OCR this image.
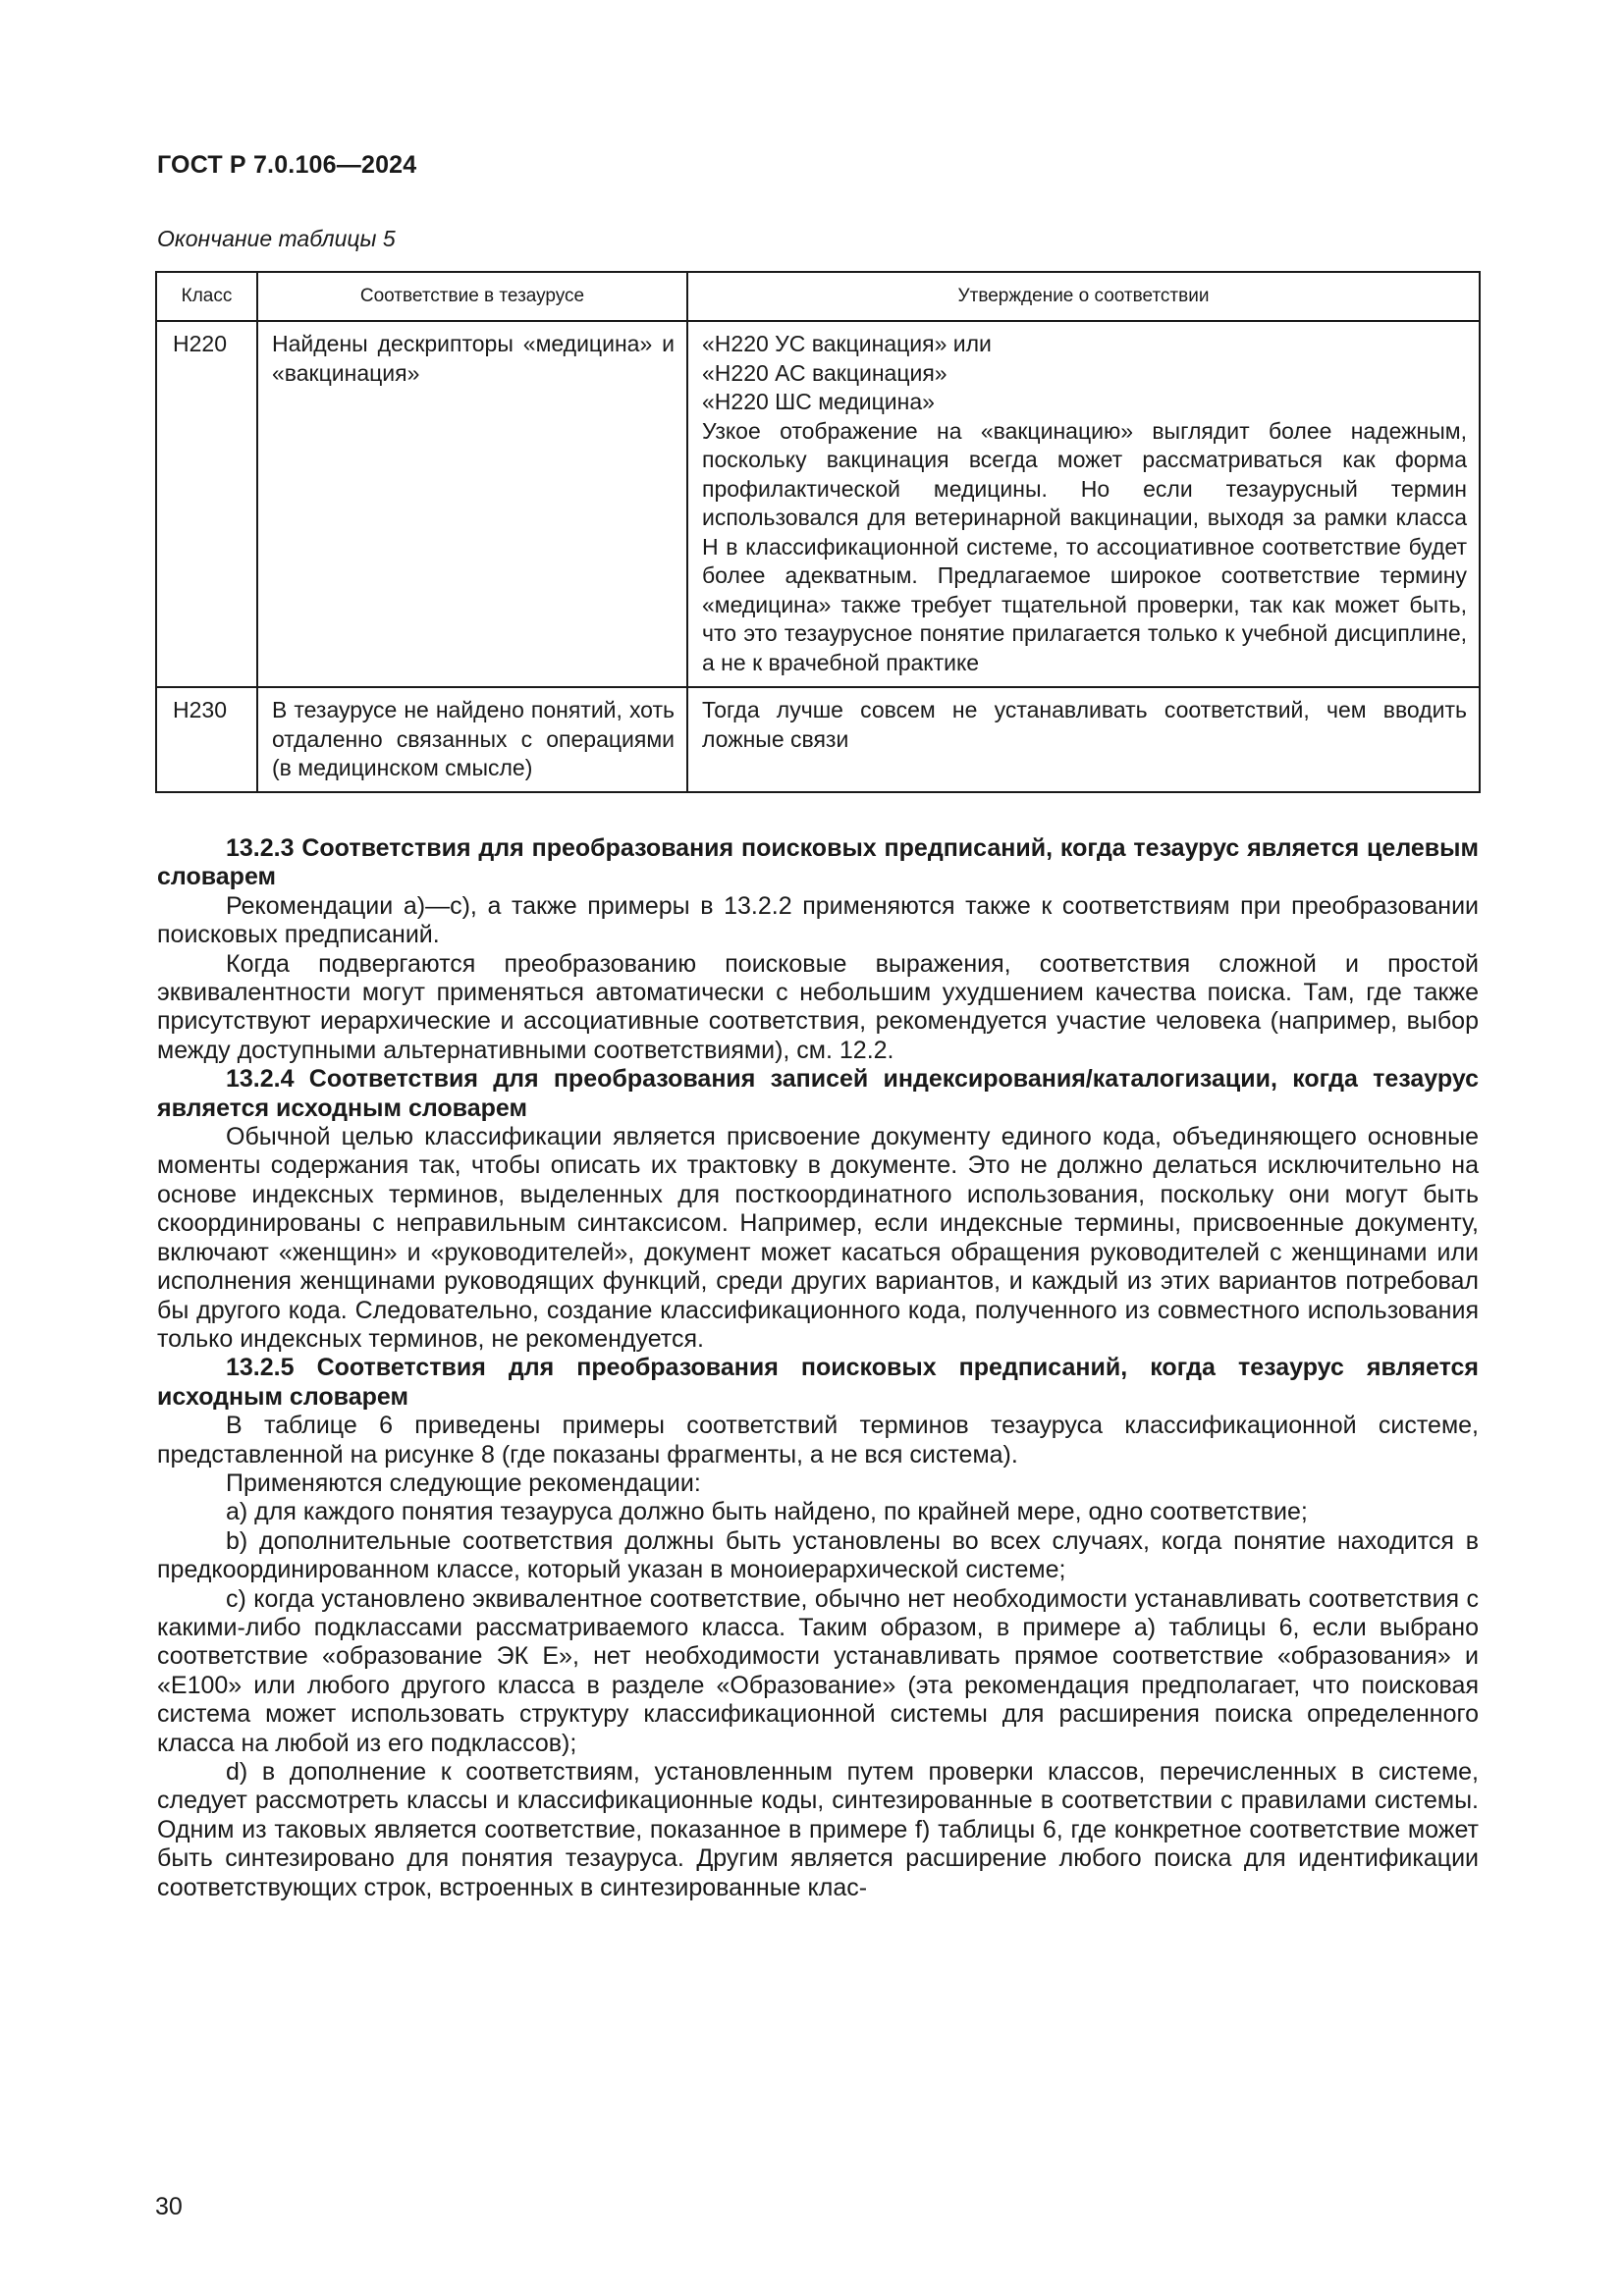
ГОСТ Р 7.0.106—2024
Окончание таблицы 5
Класс	Соответствие в тезаурусе	Утверждение о соответствии
H220	Найдены дескрипторы «медицина» и «вакцинация»	«H220 УС вакцинация» или
«H220 АС вакцинация»
«H220 ШС медицина»
Узкое отображение на «вакцинацию» выглядит более надежным, поскольку вакцинация всегда может рассматриваться как форма профилактической медицины. Но если тезаурусный термин использовался для ветеринарной вакцинации, выходя за рамки класса H в классификационной системе, то ассоциативное соответствие будет более адекватным. Предлагаемое широкое соответствие термину «медицина» также требует тщательной проверки, так как может быть, что это тезаурусное понятие прилагается только к учебной дисциплине, а не к врачебной практике

H230	В тезаурусе не найдено понятий, хоть отдаленно связанных с операциями (в медицинском смысле)	Тогда лучше совсем не устанавливать соответствий, чем вводить ложные связи

13.2.3 Соответствия для преобразования поисковых предписаний, когда тезаурус является целевым словарем

Рекомендации a)—c), а также примеры в 13.2.2 применяются также к соответствиям при преобразовании поисковых предписаний.

Когда подвергаются преобразованию поисковые выражения, соответствия сложной и простой эквивалентности могут применяться автоматически с небольшим ухудшением качества поиска. Там, где также присутствуют иерархические и ассоциативные соответствия, рекомендуется участие человека (например, выбор между доступными альтернативными соответствиями), см. 12.2.

13.2.4 Соответствия для преобразования записей индексирования/каталогизации, когда тезаурус является исходным словарем

Обычной целью классификации является присвоение документу единого кода, объединяющего основные моменты содержания так, чтобы описать их трактовку в документе. Это не должно делаться исключительно на основе индексных терминов, выделенных для посткоординатного использования, поскольку они могут быть скоординированы с неправильным синтаксисом. Например, если индексные термины, присвоенные документу, включают «женщин» и «руководителей», документ может касаться обращения руководителей с женщинами или исполнения женщинами руководящих функций, среди других вариантов, и каждый из этих вариантов потребовал бы другого кода. Следовательно, создание классификационного кода, полученного из совместного использования только индексных терминов, не рекомендуется.

13.2.5 Соответствия для преобразования поисковых предписаний, когда тезаурус является исходным словарем

В таблице 6 приведены примеры соответствий терминов тезауруса классификационной системе, представленной на рисунке 8 (где показаны фрагменты, а не вся система).

Применяются следующие рекомендации:

a) для каждого понятия тезауруса должно быть найдено, по крайней мере, одно соответствие;

b) дополнительные соответствия должны быть установлены во всех случаях, когда понятие находится в предкоординированном классе, который указан в моноиерархической системе;

c) когда установлено эквивалентное соответствие, обычно нет необходимости устанавливать соответствия с какими-либо подклассами рассматриваемого класса. Таким образом, в примере a) таблицы 6, если выбрано соответствие «образование ЭК E», нет необходимости устанавливать прямое соответствие «образования» и «E100» или любого другого класса в разделе «Образование» (эта рекомендация предполагает, что поисковая система может использовать структуру классификационной системы для расширения поиска определенного класса на любой из его подклассов);

d) в дополнение к соответствиям, установленным путем проверки классов, перечисленных в системе, следует рассмотреть классы и классификационные коды, синтезированные в соответствии с правилами системы. Одним из таковых является соответствие, показанное в примере f) таблицы 6, где конкретное соответствие может быть синтезировано для понятия тезауруса. Другим является расширение любого поиска для идентификации соответствующих строк, встроенных в синтезированные клас-

30
